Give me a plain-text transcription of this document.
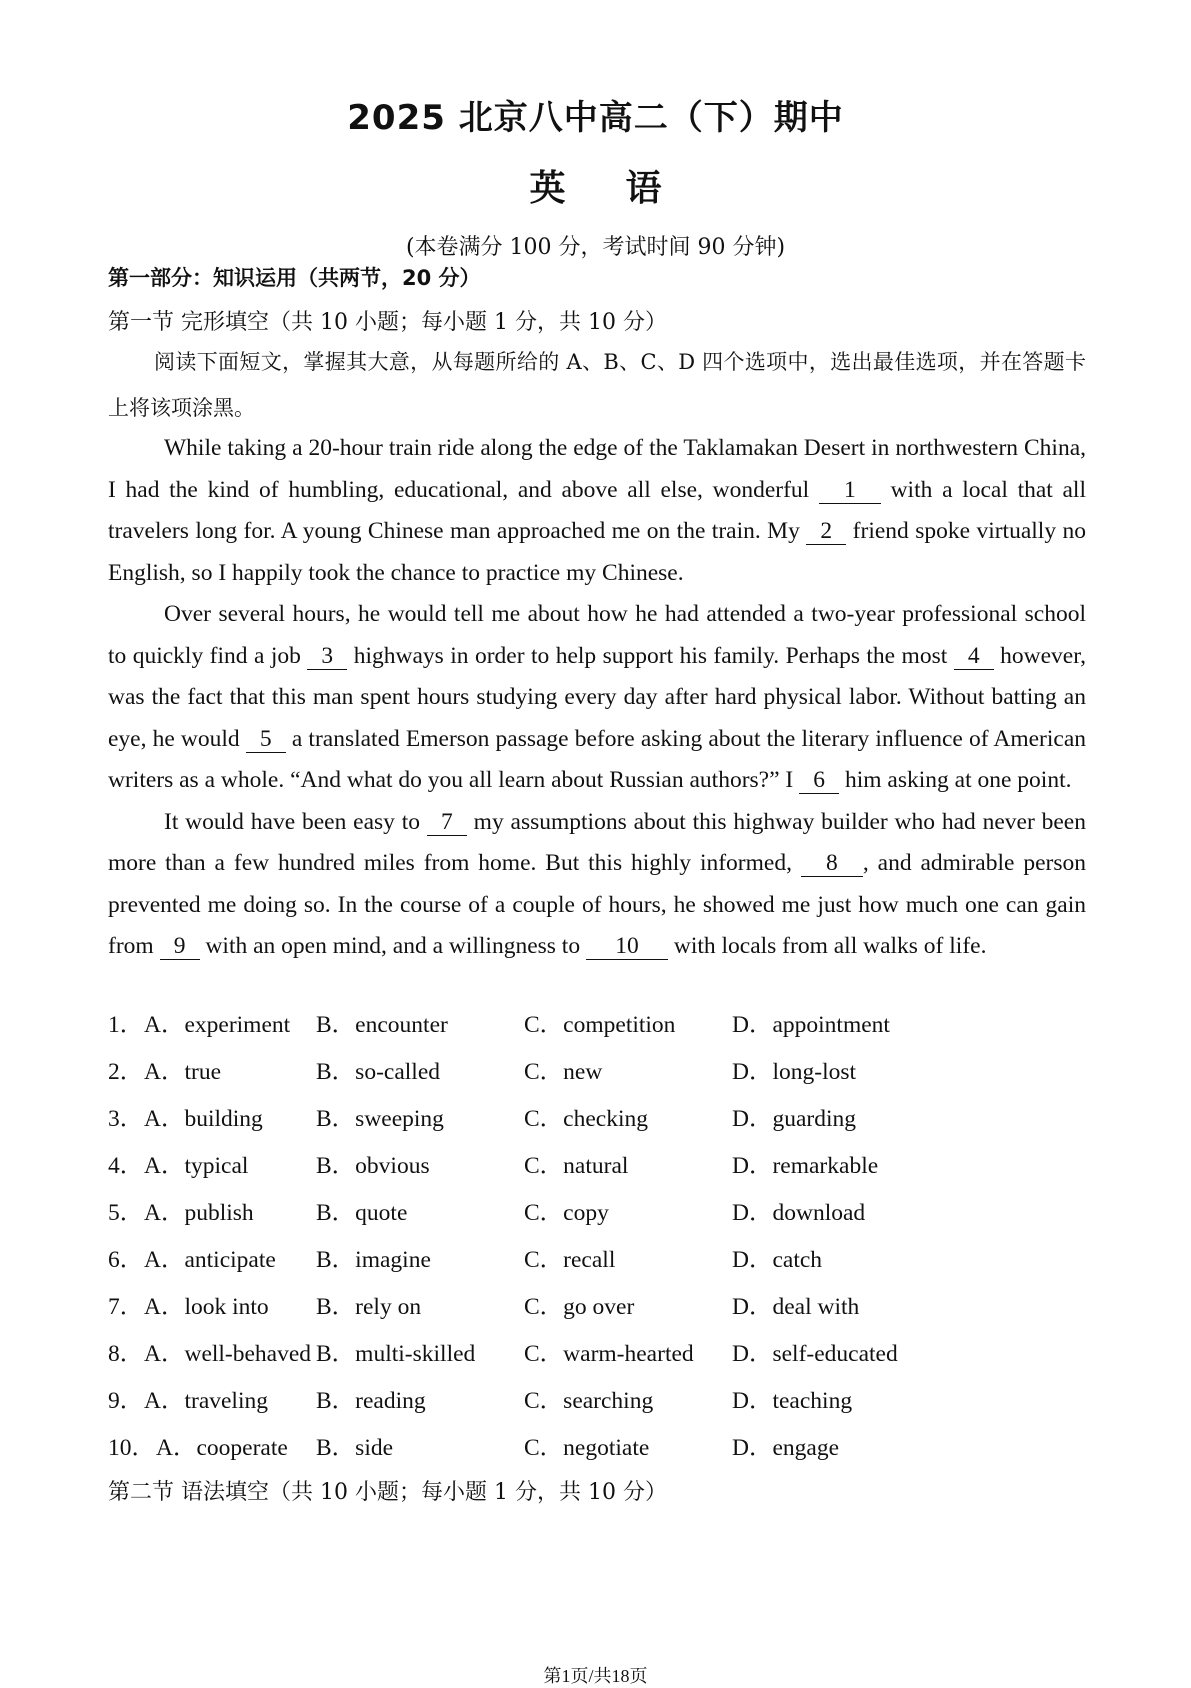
2025 北京八中高二（下）期中
英语
(本卷满分 100 分，考试时间 90 分钟)
第一部分：知识运用（共两节，20 分）
第一节 完形填空（共 10 小题；每小题 1 分，共 10 分）

阅读下面短文，掌握其大意，从每题所给的 A、B、C、D 四个选项中，选出最佳选项，并在答题卡上将该项涂黑。

While taking a 20-hour train ride along the edge of the Taklamakan Desert in northwestern China, I had the kind of humbling, educational, and above all else, wonderful 1 with a local that all travelers long for. A young Chinese man approached me on the train. My 2 friend spoke virtually no English, so I happily took the chance to practice my Chinese.

Over several hours, he would tell me about how he had attended a two-year professional school to quickly find a job 3 highways in order to help support his family. Perhaps the most 4 however, was the fact that this man spent hours studying every day after hard physical labor. Without batting an eye, he would 5 a translated Emerson passage before asking about the literary influence of American writers as a whole. “And what do you all learn about Russian authors?” I 6 him asking at one point.

It would have been easy to 7 my assumptions about this highway builder who had never been more than a few hundred miles from home. But this highly informed, 8 , and admirable person prevented me doing so. In the course of a couple of hours, he showed me just how much one can gain from 9 with an open mind, and a willingness to 10 with locals from all walks of life.

1． A．experiment B．encounter	C．competition D．appointment
2． A．true	B．so-called	C．new	D．long-lost
3． A．building B．sweeping	C．checking	D．guarding
4． A．typical	B．obvious	C．natural	D．remarkable
5． A．publish	B．quote	C．copy	D．download
6． A．anticipate B．imagine	C．recall	D．catch
7． A．look into B．rely on	C．go over	D．deal with
8． A．well-behaved B．multi-skilled C．warm-hearted D．self-educated
9． A．traveling B．reading	C．searching	D．teaching
10． A．cooperate B．side	C．negotiate	D．engage
第二节 语法填空（共 10 小题；每小题 1 分，共 10 分）
第1页/共18页
